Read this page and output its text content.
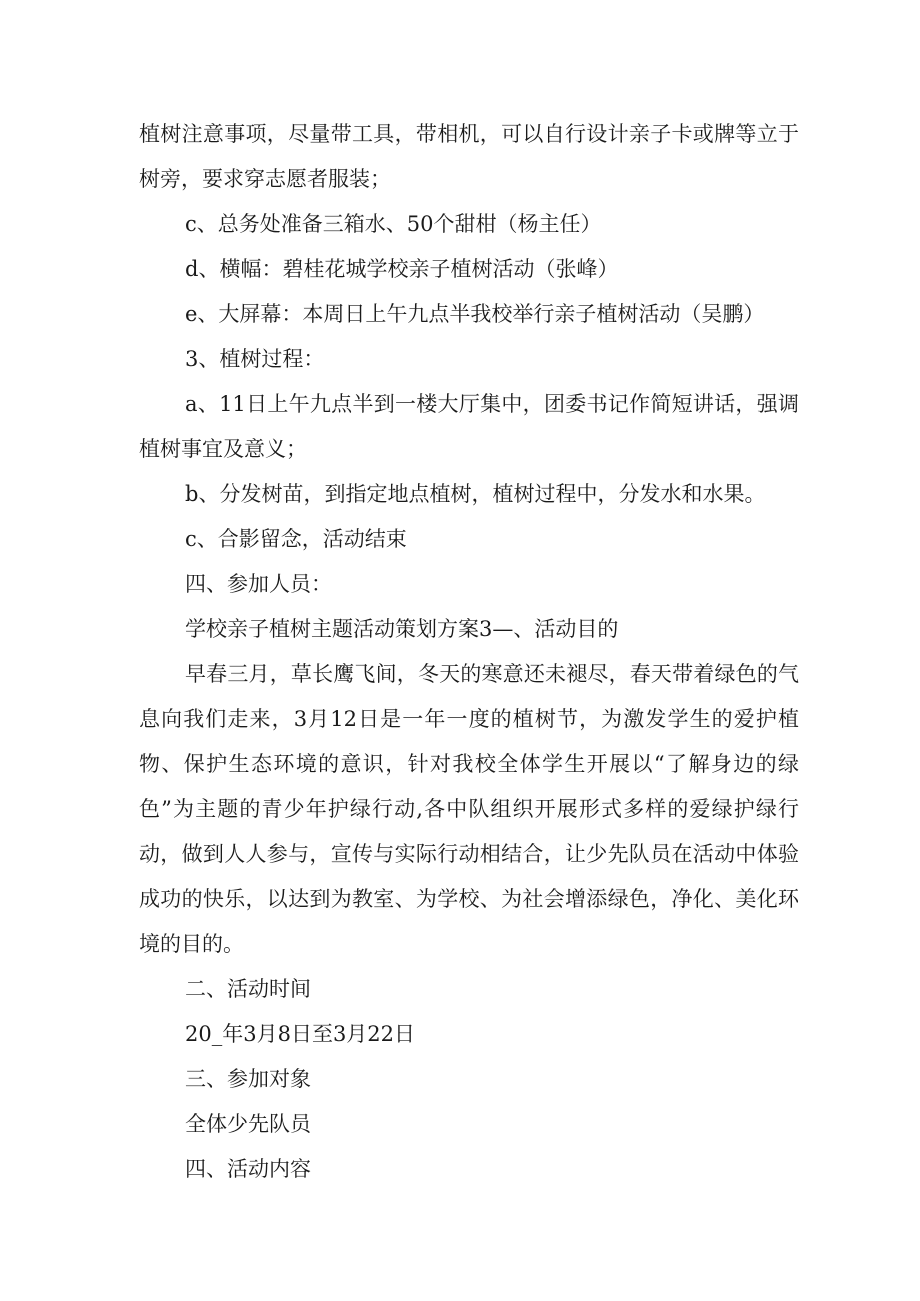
植树注意事项，尽量带工具，带相机，可以自行设计亲子卡或牌等立于树旁，要求穿志愿者服装；

c、总务处准备三箱水、50个甜柑（杨主任）

d、横幅：碧桂花城学校亲子植树活动（张峰）

e、大屏幕：本周日上午九点半我校举行亲子植树活动（吴鹏）

3、植树过程：

a、11日上午九点半到一楼大厅集中，团委书记作简短讲话，强调植树事宜及意义；

b、分发树苗，到指定地点植树，植树过程中，分发水和水果。

c、合影留念，活动结束

四、参加人员：

学校亲子植树主题活动策划方案3—、活动目的

早春三月，草长鹰飞间，冬天的寒意还未褪尽，春天带着绿色的气息向我们走来，3月12日是一年一度的植树节，为激发学生的爱护植物、保护生态环境的意识，针对我校全体学生开展以“了解身边的绿色”为主题的青少年护绿行动,各中队组织开展形式多样的爱绿护绿行动，做到人人参与，宣传与实际行动相结合，让少先队员在活动中体验成功的快乐，以达到为教室、为学校、为社会增添绿色，净化、美化环境的目的。

二、活动时间

20_年3月8日至3月22日

三、参加对象

全体少先队员

四、活动内容
